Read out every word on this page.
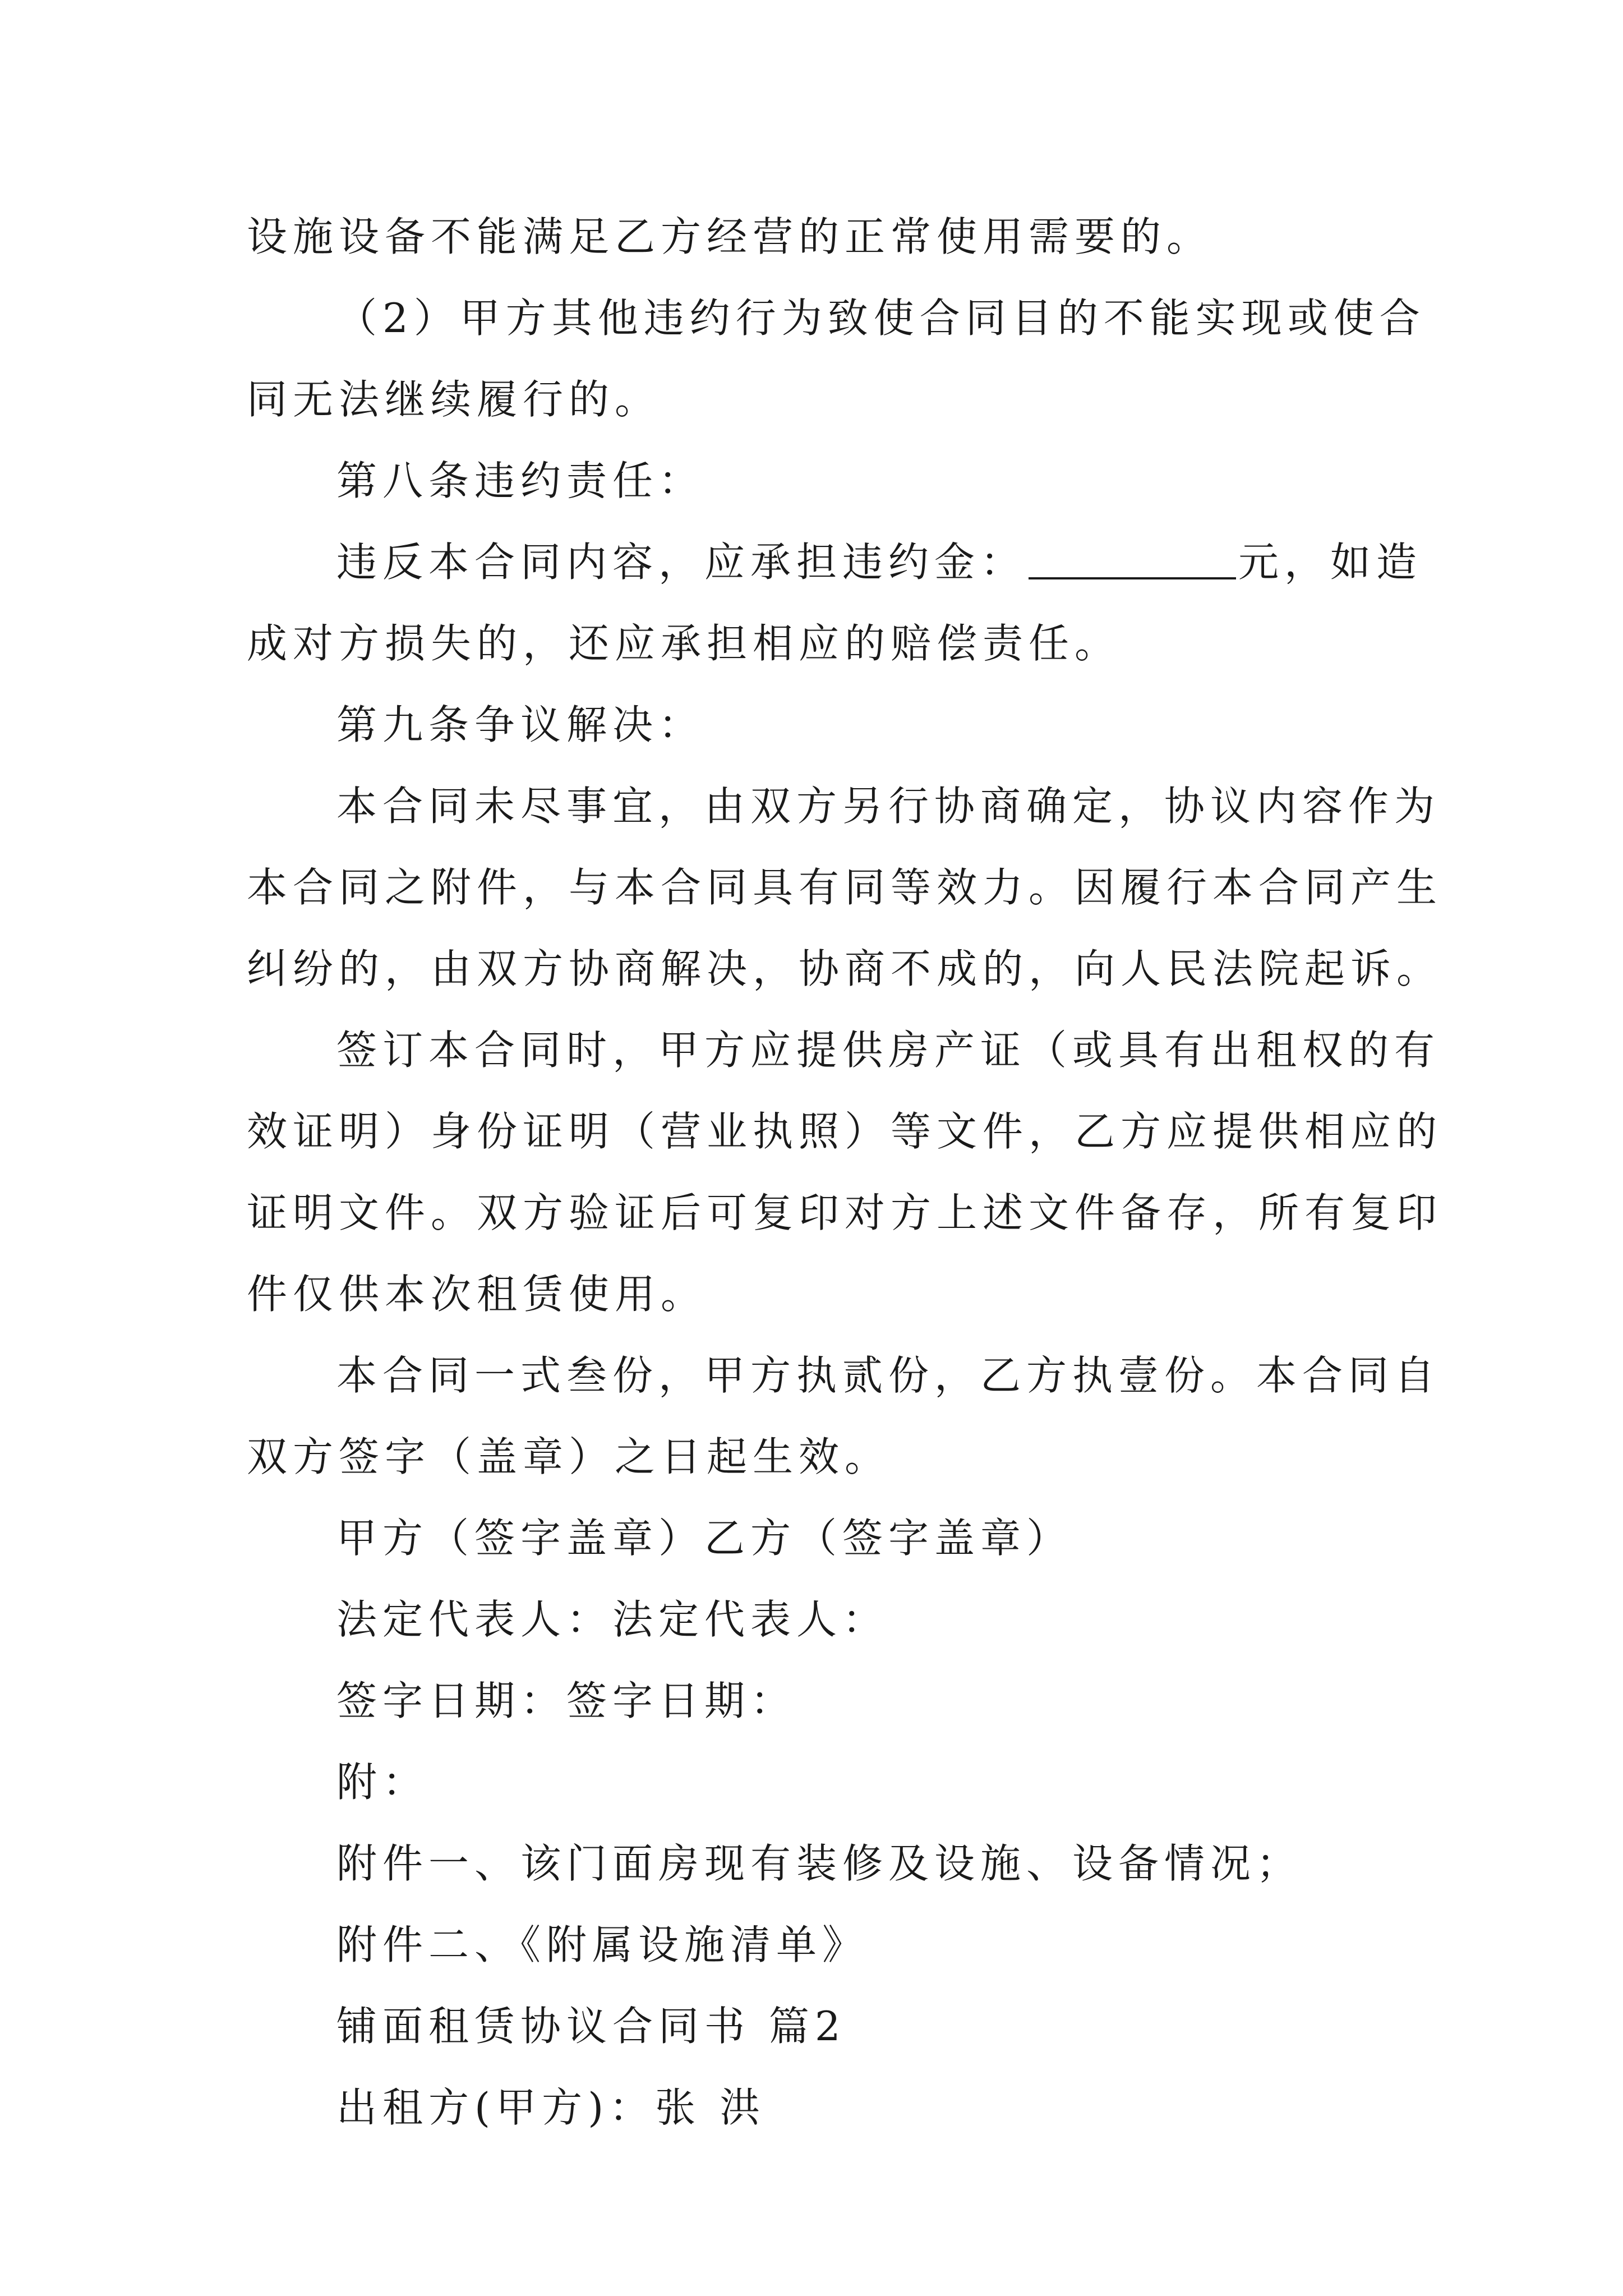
设施设备不能满足乙方经营的正常使用需要的。
（2）甲方其他违约行为致使合同目的不能实现或使合
同无法继续履行的。
第八条违约责任：
违反本合同内容，应承担违约金：	元，如造
成对方损失的，还应承担相应的赔偿责任。
第九条争议解决：
本合同未尽事宜，由双方另行协商确定，协议内容作为
本合同之附件，与本合同具有同等效力。因履行本合同产生
纠纷的，由双方协商解决，协商不成的，向人民法院起诉。
签订本合同时，甲方应提供房产证（或具有出租权的有
效证明）身份证明（营业执照）等文件，乙方应提供相应的
证明文件。双方验证后可复印对方上述文件备存，所有复印
件仅供本次租赁使用。
本合同一式叁份，甲方执贰份，乙方执壹份。本合同自
双方签字（盖章）之日起生效。
甲方（签字盖章）乙方（签字盖章）
法定代表人：法定代表人：
签字日期：签字日期：
附：
附件一、该门面房现有装修及设施、设备情况；
附件二、《附属设施清单》
铺面租赁协议合同书 篇2
出租方(甲方)：张 洪
